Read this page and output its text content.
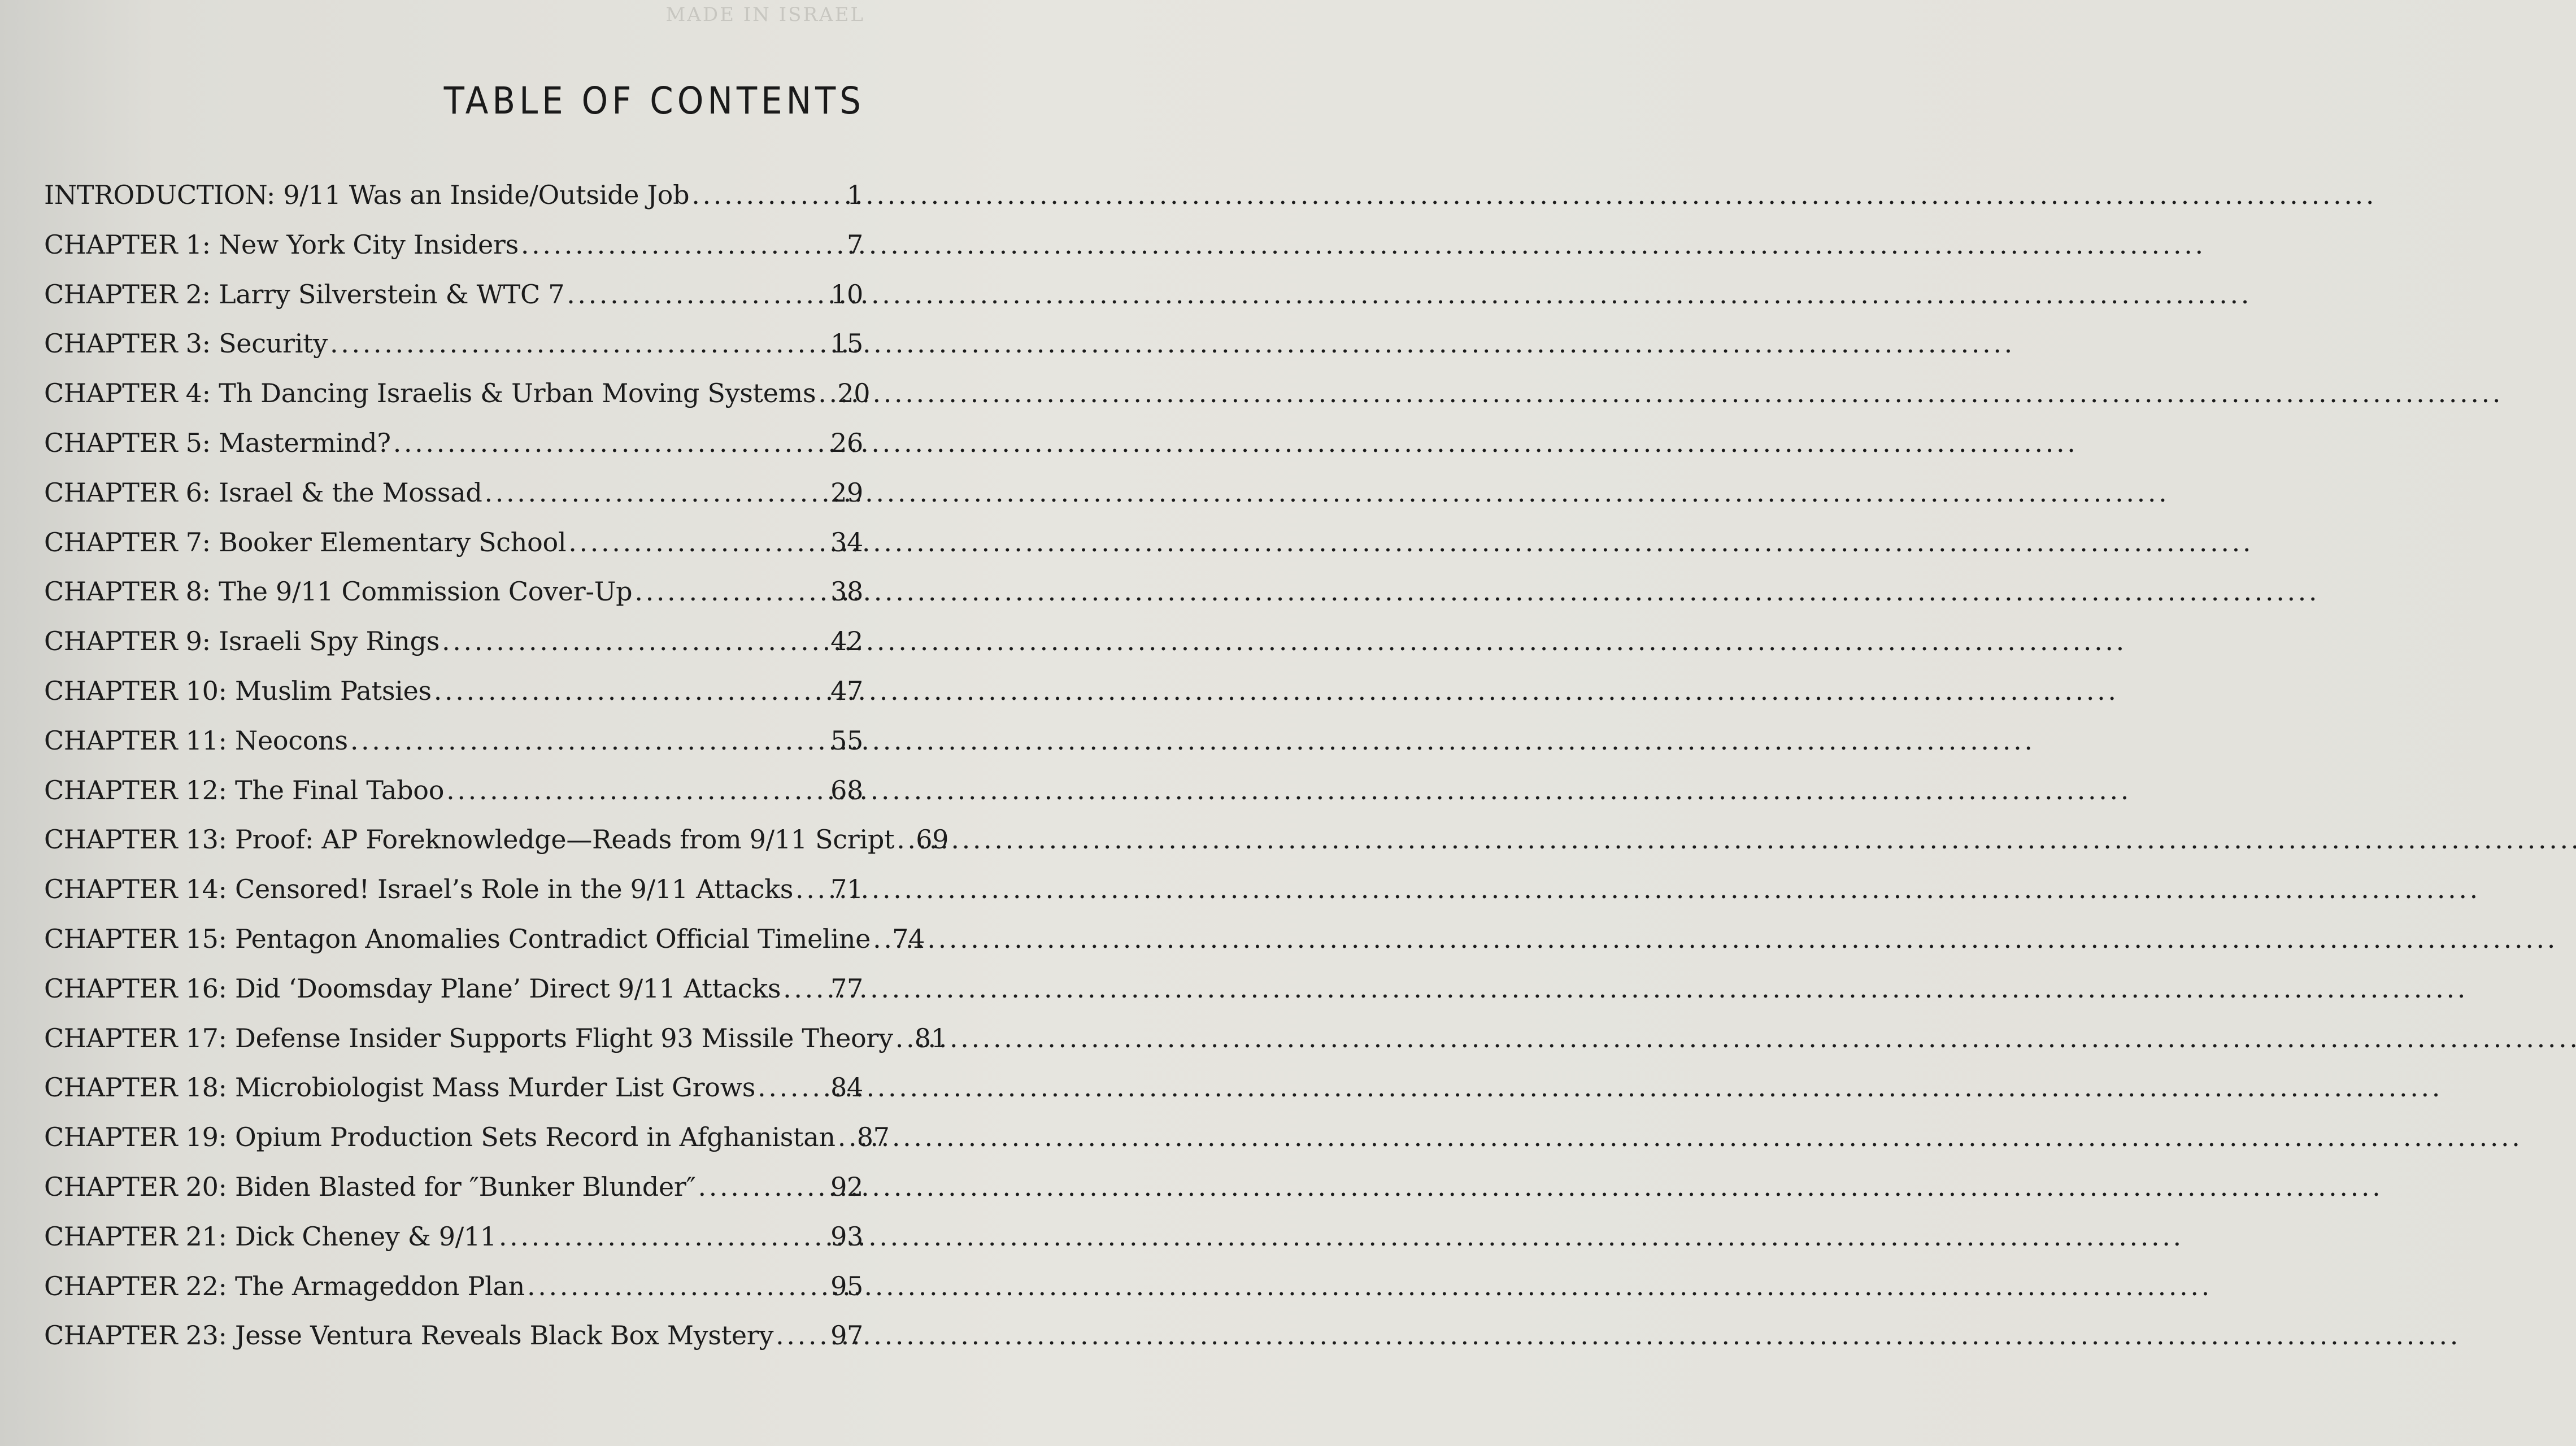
MADE IN ISRAEL
TABLE OF CONTENTS
INTRODUCTION: 9/11 Was an Inside/Outside Job . . .	1
CHAPTER 1: New York City Insiders . . .	7
CHAPTER 2: Larry Silverstein & WTC 7 . . .	10
CHAPTER 3: Security . . .	15
CHAPTER 4: Th Dancing Israelis & Urban Moving Systems . . . 20
CHAPTER 5: Mastermind? . . .	26
CHAPTER 6: Israel & the Mossad . . .	29
CHAPTER 7: Booker Elementary School . . .	34
CHAPTER 8: The 9/11 Commission Cover-Up . . .	38
CHAPTER 9: Israeli Spy Rings . . .	42
CHAPTER 10: Muslim Patsies . . .	47
CHAPTER 11: Neocons . . .	55
CHAPTER 12: The Final Taboo . . .	68
CHAPTER 13: Proof: AP Foreknowledge—Reads from 9/11 Script . . . 69
CHAPTER 14: Censored! Israel’s Role in the 9/11 Attacks . . . 71
CHAPTER 15: Pentagon Anomalies Contradict Official Timeline . . . 74
CHAPTER 16: Did ‘Doomsday Plane’ Direct 9/11 Attacks . . . 77
CHAPTER 17: Defense Insider Supports Flight 93 Missile Theory . . . 81
CHAPTER 18: Microbiologist Mass Murder List Grows . . .	84
CHAPTER 19: Opium Production Sets Record in Afghanistan . . . 87
CHAPTER 20: Biden Blasted for ″Bunker Blunder″ . . .	92
CHAPTER 21: Dick Cheney & 9/11 . . .	93
CHAPTER 22: The Armageddon Plan . . .	95
CHAPTER 23: Jesse Ventura Reveals Black Box Mystery . . . 97
